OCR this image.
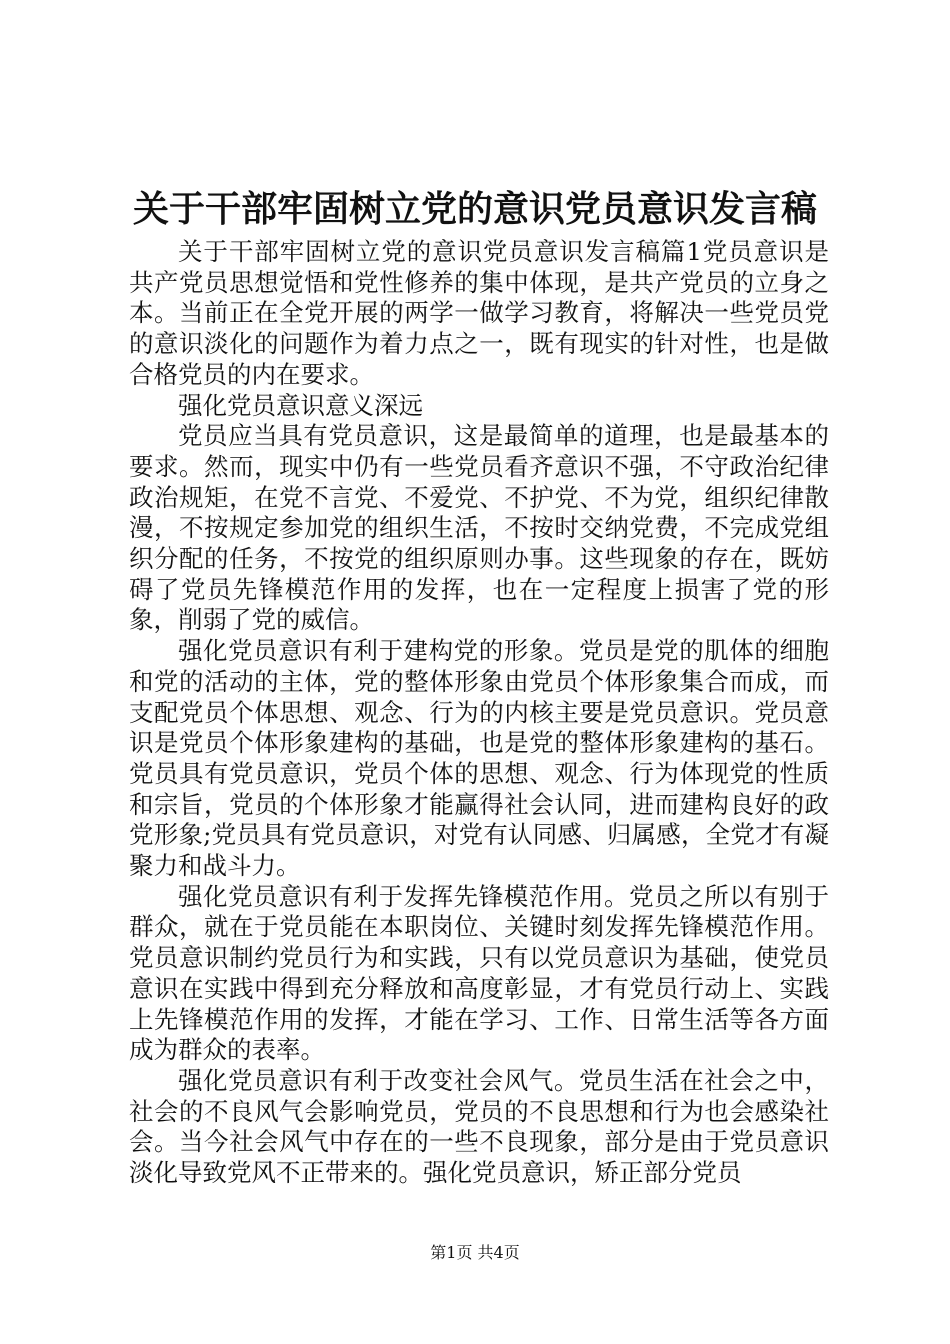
关于干部牢固树立党的意识党员意识发言稿

关于干部牢固树立党的意识党员意识发言稿篇1党员意识是共产党员思想觉悟和党性修养的集中体现，是共产党员的立身之本。当前正在全党开展的两学一做学习教育，将解决一些党员党的意识淡化的问题作为着力点之一，既有现实的针对性，也是做合格党员的内在要求。

强化党员意识意义深远

党员应当具有党员意识，这是最简单的道理，也是最基本的要求。然而，现实中仍有一些党员看齐意识不强，不守政治纪律政治规矩，在党不言党、不爱党、不护党、不为党，组织纪律散漫，不按规定参加党的组织生活，不按时交纳党费，不完成党组织分配的任务，不按党的组织原则办事。这些现象的存在，既妨碍了党员先锋模范作用的发挥，也在一定程度上损害了党的形象，削弱了党的威信。

强化党员意识有利于建构党的形象。党员是党的肌体的细胞和党的活动的主体，党的整体形象由党员个体形象集合而成，而支配党员个体思想、观念、行为的内核主要是党员意识。党员意识是党员个体形象建构的基础，也是党的整体形象建构的基石。党员具有党员意识，党员个体的思想、观念、行为体现党的性质和宗旨，党员的个体形象才能赢得社会认同，进而建构良好的政党形象;党员具有党员意识，对党有认同感、归属感，全党才有凝聚力和战斗力。

强化党员意识有利于发挥先锋模范作用。党员之所以有别于群众，就在于党员能在本职岗位、关键时刻发挥先锋模范作用。党员意识制约党员行为和实践，只有以党员意识为基础，使党员意识在实践中得到充分释放和高度彰显，才有党员行动上、实践上先锋模范作用的发挥，才能在学习、工作、日常生活等各方面成为群众的表率。

强化党员意识有利于改变社会风气。党员生活在社会之中，社会的不良风气会影响党员，党员的不良思想和行为也会感染社会。当今社会风气中存在的一些不良现象，部分是由于党员意识淡化导致党风不正带来的。强化党员意识，矫正部分党员

第1页 共4页
